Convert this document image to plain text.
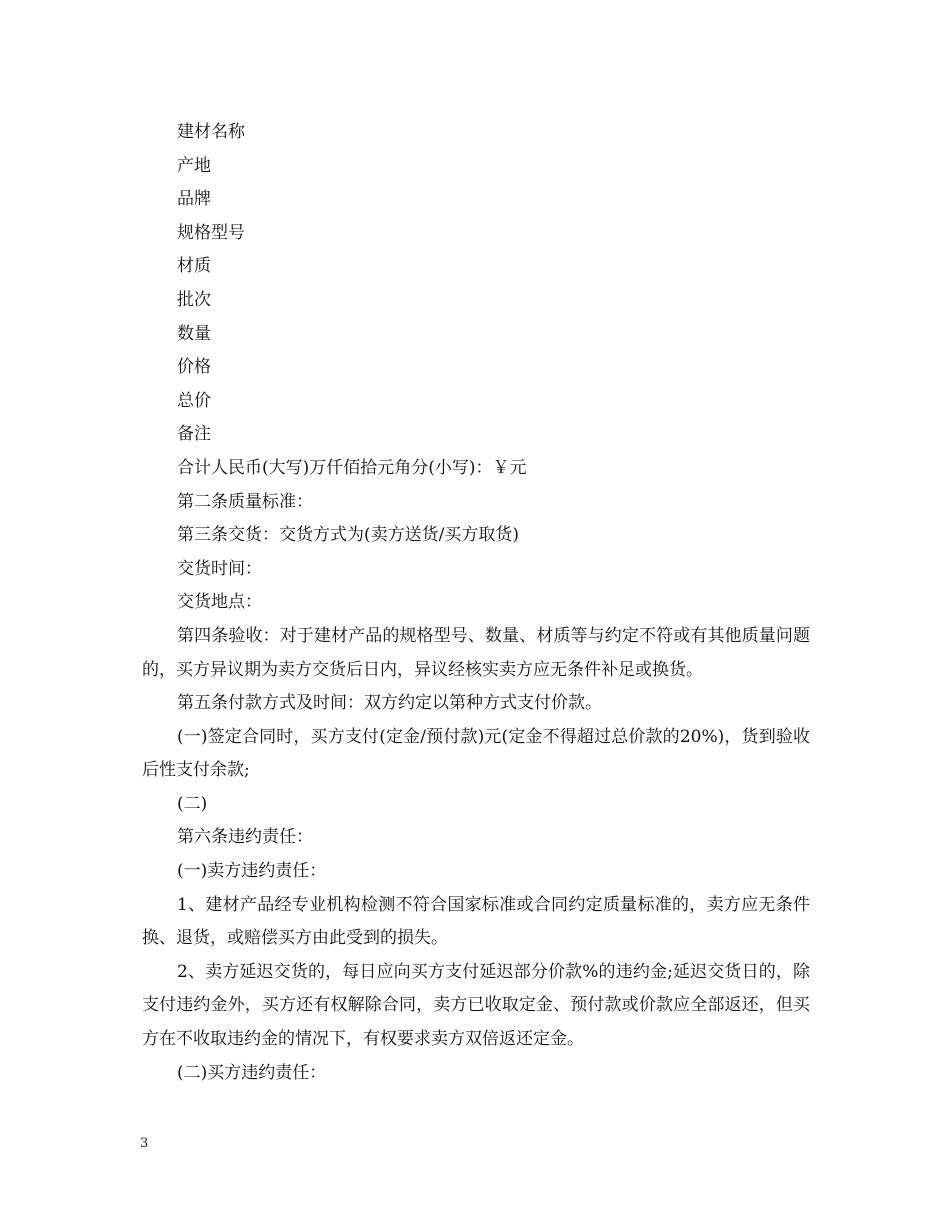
建材名称

产地

品牌

规格型号

材质

批次

数量

价格

总价

备注

合计人民币(大写)万仟佰拾元角分(小写)：￥元

第二条质量标准：

第三条交货：交货方式为(卖方送货/买方取货)

交货时间：

交货地点：

第四条验收：对于建材产品的规格型号、数量、材质等与约定不符或有其他质量问题的，买方异议期为卖方交货后日内，异议经核实卖方应无条件补足或换货。

第五条付款方式及时间：双方约定以第种方式支付价款。

(一)签定合同时，买方支付(定金/预付款)元(定金不得超过总价款的20%)，货到验收后性支付余款;

(二)

第六条违约责任：

(一)卖方违约责任：

1、建材产品经专业机构检测不符合国家标准或合同约定质量标准的，卖方应无条件换、退货，或赔偿买方由此受到的损失。

2、卖方延迟交货的，每日应向买方支付延迟部分价款%的违约金;延迟交货日的，除支付违约金外，买方还有权解除合同，卖方已收取定金、预付款或价款应全部返还，但买方在不收取违约金的情况下，有权要求卖方双倍返还定金。

(二)买方违约责任：

3
